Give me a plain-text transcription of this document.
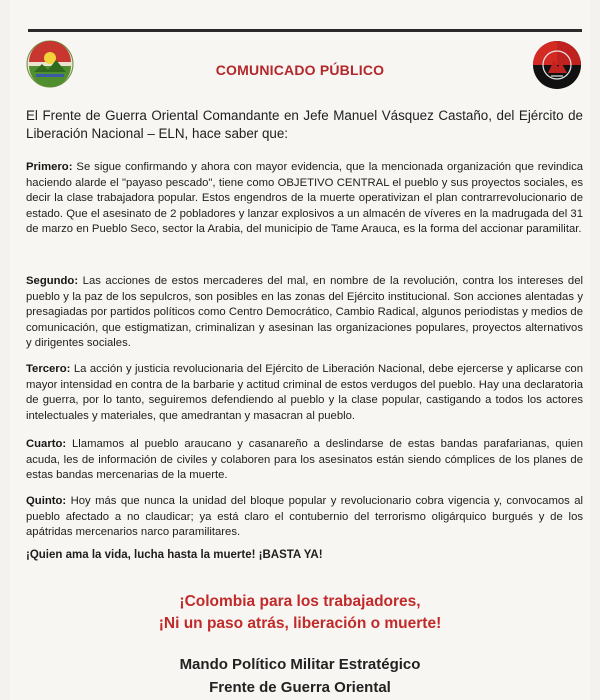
COMUNICADO PÚBLICO
El Frente de Guerra Oriental Comandante en Jefe Manuel Vásquez Castaño, del Ejército de Liberación Nacional – ELN, hace saber que:
Primero: Se sigue confirmando y ahora con mayor evidencia, que la mencionada organización que revindica haciendo alarde el "payaso pescado", tiene como OBJETIVO CENTRAL el pueblo y sus proyectos sociales, es decir la clase trabajadora popular. Estos engendros de la muerte operativizan el plan contrarrevolucionario de estado. Que el asesinato de 2 pobladores y lanzar explosivos a un almacén de víveres en la madrugada del 31 de marzo en Pueblo Seco, sector la Arabia, del municipio de Tame Arauca, es la forma del accionar paramilitar.
Segundo: Las acciones de estos mercaderes del mal, en nombre de la revolución, contra los intereses del pueblo y la paz de los sepulcros, son posibles en las zonas del Ejército institucional. Son acciones alentadas y presagiadas por partidos políticos como Centro Democrático, Cambio Radical, algunos periodistas y medios de comunicación, que estigmatizan, criminalizan y asesinan las organizaciones populares, proyectos alternativos y dirigentes sociales.
Tercero: La acción y justicia revolucionaria del Ejército de Liberación Nacional, debe ejercerse y aplicarse con mayor intensidad en contra de la barbarie y actitud criminal de estos verdugos del pueblo. Hay una declaratoria de guerra, por lo tanto, seguiremos defendiendo al pueblo y la clase popular, castigando a todos los actores intelectuales y materiales, que amedrantan y masacran al pueblo.
Cuarto: Llamamos al pueblo araucano y casanareño a deslindarse de estas bandas parafarianas, quien acuda, les de información de civiles y colaboren para los asesinatos están siendo cómplices de los planes de estas bandas mercenarias de la muerte.
Quinto: Hoy más que nunca la unidad del bloque popular y revolucionario cobra vigencia y, convocamos al pueblo afectado a no claudicar; ya está claro el contubernio del terrorismo oligárquico burgués y de los apátridas mercenarios narco paramilitares.
¡Quien ama la vida, lucha hasta la muerte! ¡BASTA YA!
¡Colombia para los trabajadores,
¡Ni un paso atrás, liberación o muerte!
Mando Político Militar Estratégico
Frente de Guerra Oriental
